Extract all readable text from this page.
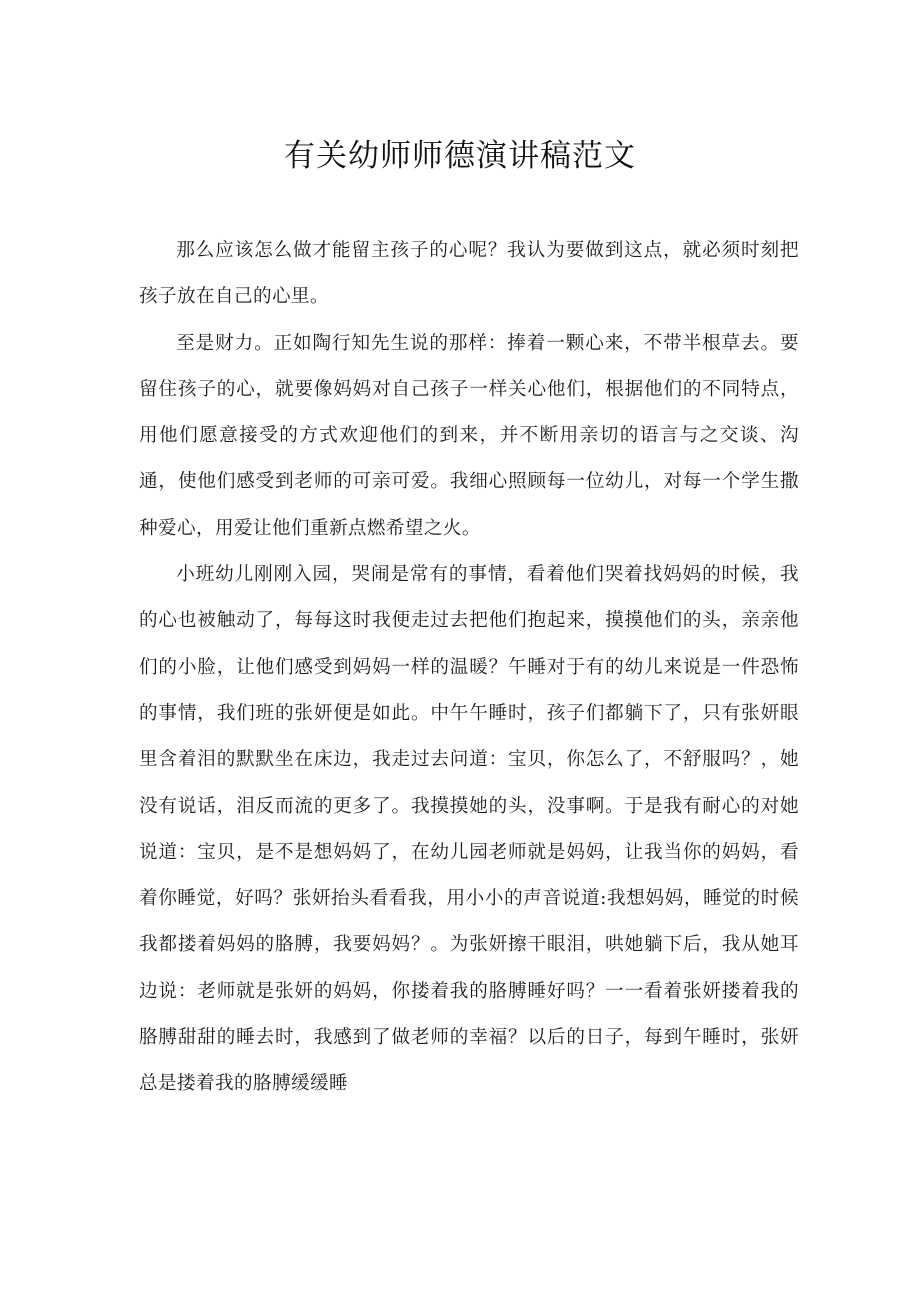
有关幼师师德演讲稿范文

那么应该怎么做才能留主孩子的心呢？我认为要做到这点，就必须时刻把孩子放在自己的心里。

至是财力。正如陶行知先生说的那样：捧着一颗心来，不带半根草去。要留住孩子的心，就要像妈妈对自己孩子一样关心他们，根据他们的不同特点，用他们愿意接受的方式欢迎他们的到来，并不断用亲切的语言与之交谈、沟通，使他们感受到老师的可亲可爱。我细心照顾每一位幼儿，对每一个学生撒种爱心，用爱让他们重新点燃希望之火。

小班幼儿刚刚入园，哭闹是常有的事情，看着他们哭着找妈妈的时候，我的心也被触动了，每每这时我便走过去把他们抱起来，摸摸他们的头，亲亲他们的小脸，让他们感受到妈妈一样的温暖？午睡对于有的幼儿来说是一件恐怖的事情，我们班的张妍便是如此。中午午睡时，孩子们都躺下了，只有张妍眼里含着泪的默默坐在床边，我走过去问道：宝贝，你怎么了，不舒服吗？，她没有说话，泪反而流的更多了。我摸摸她的头，没事啊。于是我有耐心的对她说道：宝贝，是不是想妈妈了，在幼儿园老师就是妈妈，让我当你的妈妈，看着你睡觉，好吗？张妍抬头看看我，用小小的声音说道:我想妈妈，睡觉的时候我都搂着妈妈的胳膊，我要妈妈？。为张妍擦干眼泪，哄她躺下后，我从她耳边说：老师就是张妍的妈妈，你搂着我的胳膊睡好吗？一一看着张妍搂着我的胳膊甜甜的睡去时，我感到了做老师的幸福？以后的日子，每到午睡时，张妍总是搂着我的胳膊缓缓睡
